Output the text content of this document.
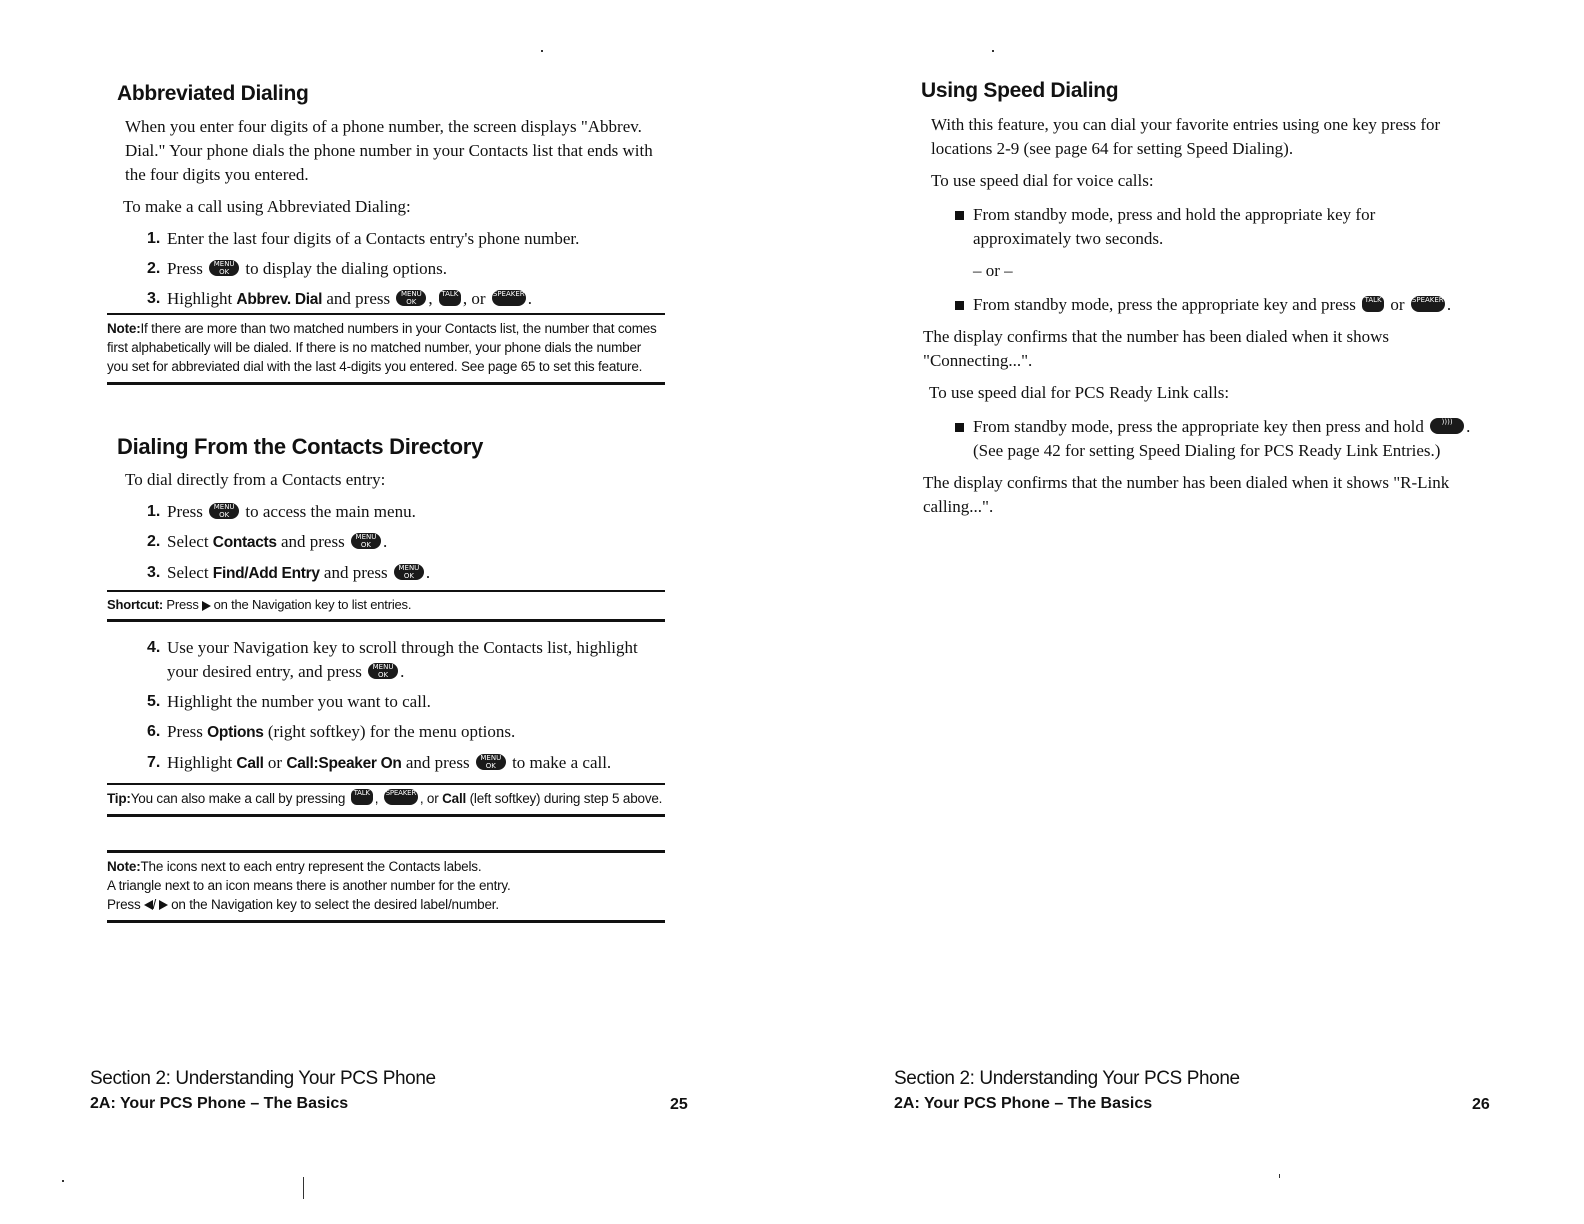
Abbreviated Dialing

When you enter four digits of a phone number, the screen displays "Abbrev. Dial." Your phone dials the phone number in your Contacts list that ends with the four digits you entered.

To make a call using Abbreviated Dialing:

1. Enter the last four digits of a Contacts entry's phone number.
2. Press	MENU OK to display the dialing options.
3. Highlight Abbrev. Dial and press	MENU OK ,	TALK , or SPEAKER .
Note:If there are more than two matched numbers in your Contacts list, the number that comes first alphabetically will be dialed. If there is no matched number, your phone dials the number you set for abbreviated dial with the last 4-digits you entered. See page 65 to set this feature.
Dialing From the Contacts Directory

To dial directly from a Contacts entry:

1. Press	MENU OK to access the main menu.
2. Select Contacts and press	MENU OK .
3. Select Find/Add Entry and press	MENU OK .
Shortcut: Press on the Navigation key to list entries.
4. Use your Navigation key to scroll through the Contacts list, highlight your desired entry, and press	MENU OK .
5. Highlight the number you want to call.
6. Press Options (right softkey) for the menu options.
7. Highlight Call or Call:Speaker On and press	MENU OK to make a call.
Tip:You can also make a call by pressing	TALK , SPEAKER , or Call (left softkey) during step 5 above.
Note:The icons next to each entry represent the Contacts labels.
A triangle next to an icon means there is another number for the entry.
Press / on the Navigation key to select the desired label/number.
Section 2: Understanding Your PCS Phone
2A: Your PCS Phone – The Basics	25
Using Speed Dialing

With this feature, you can dial your favorite entries using one key press for locations 2-9 (see page 64 for setting Speed Dialing).

To use speed dial for voice calls:

From standby mode, press and hold the appropriate key for approximately two seconds.

– or –

From standby mode, press the appropriate key and press	TALK or SPEAKER .

The display confirms that the number has been dialed when it shows "Connecting...".

To use speed dial for PCS Ready Link calls:

From standby mode, press the appropriate key then press and hold	)))) . (See page 42 for setting Speed Dialing for PCS Ready Link Entries.)

The display confirms that the number has been dialed when it shows "R-Link calling...".

Section 2: Understanding Your PCS Phone
2A: Your PCS Phone – The Basics	26
